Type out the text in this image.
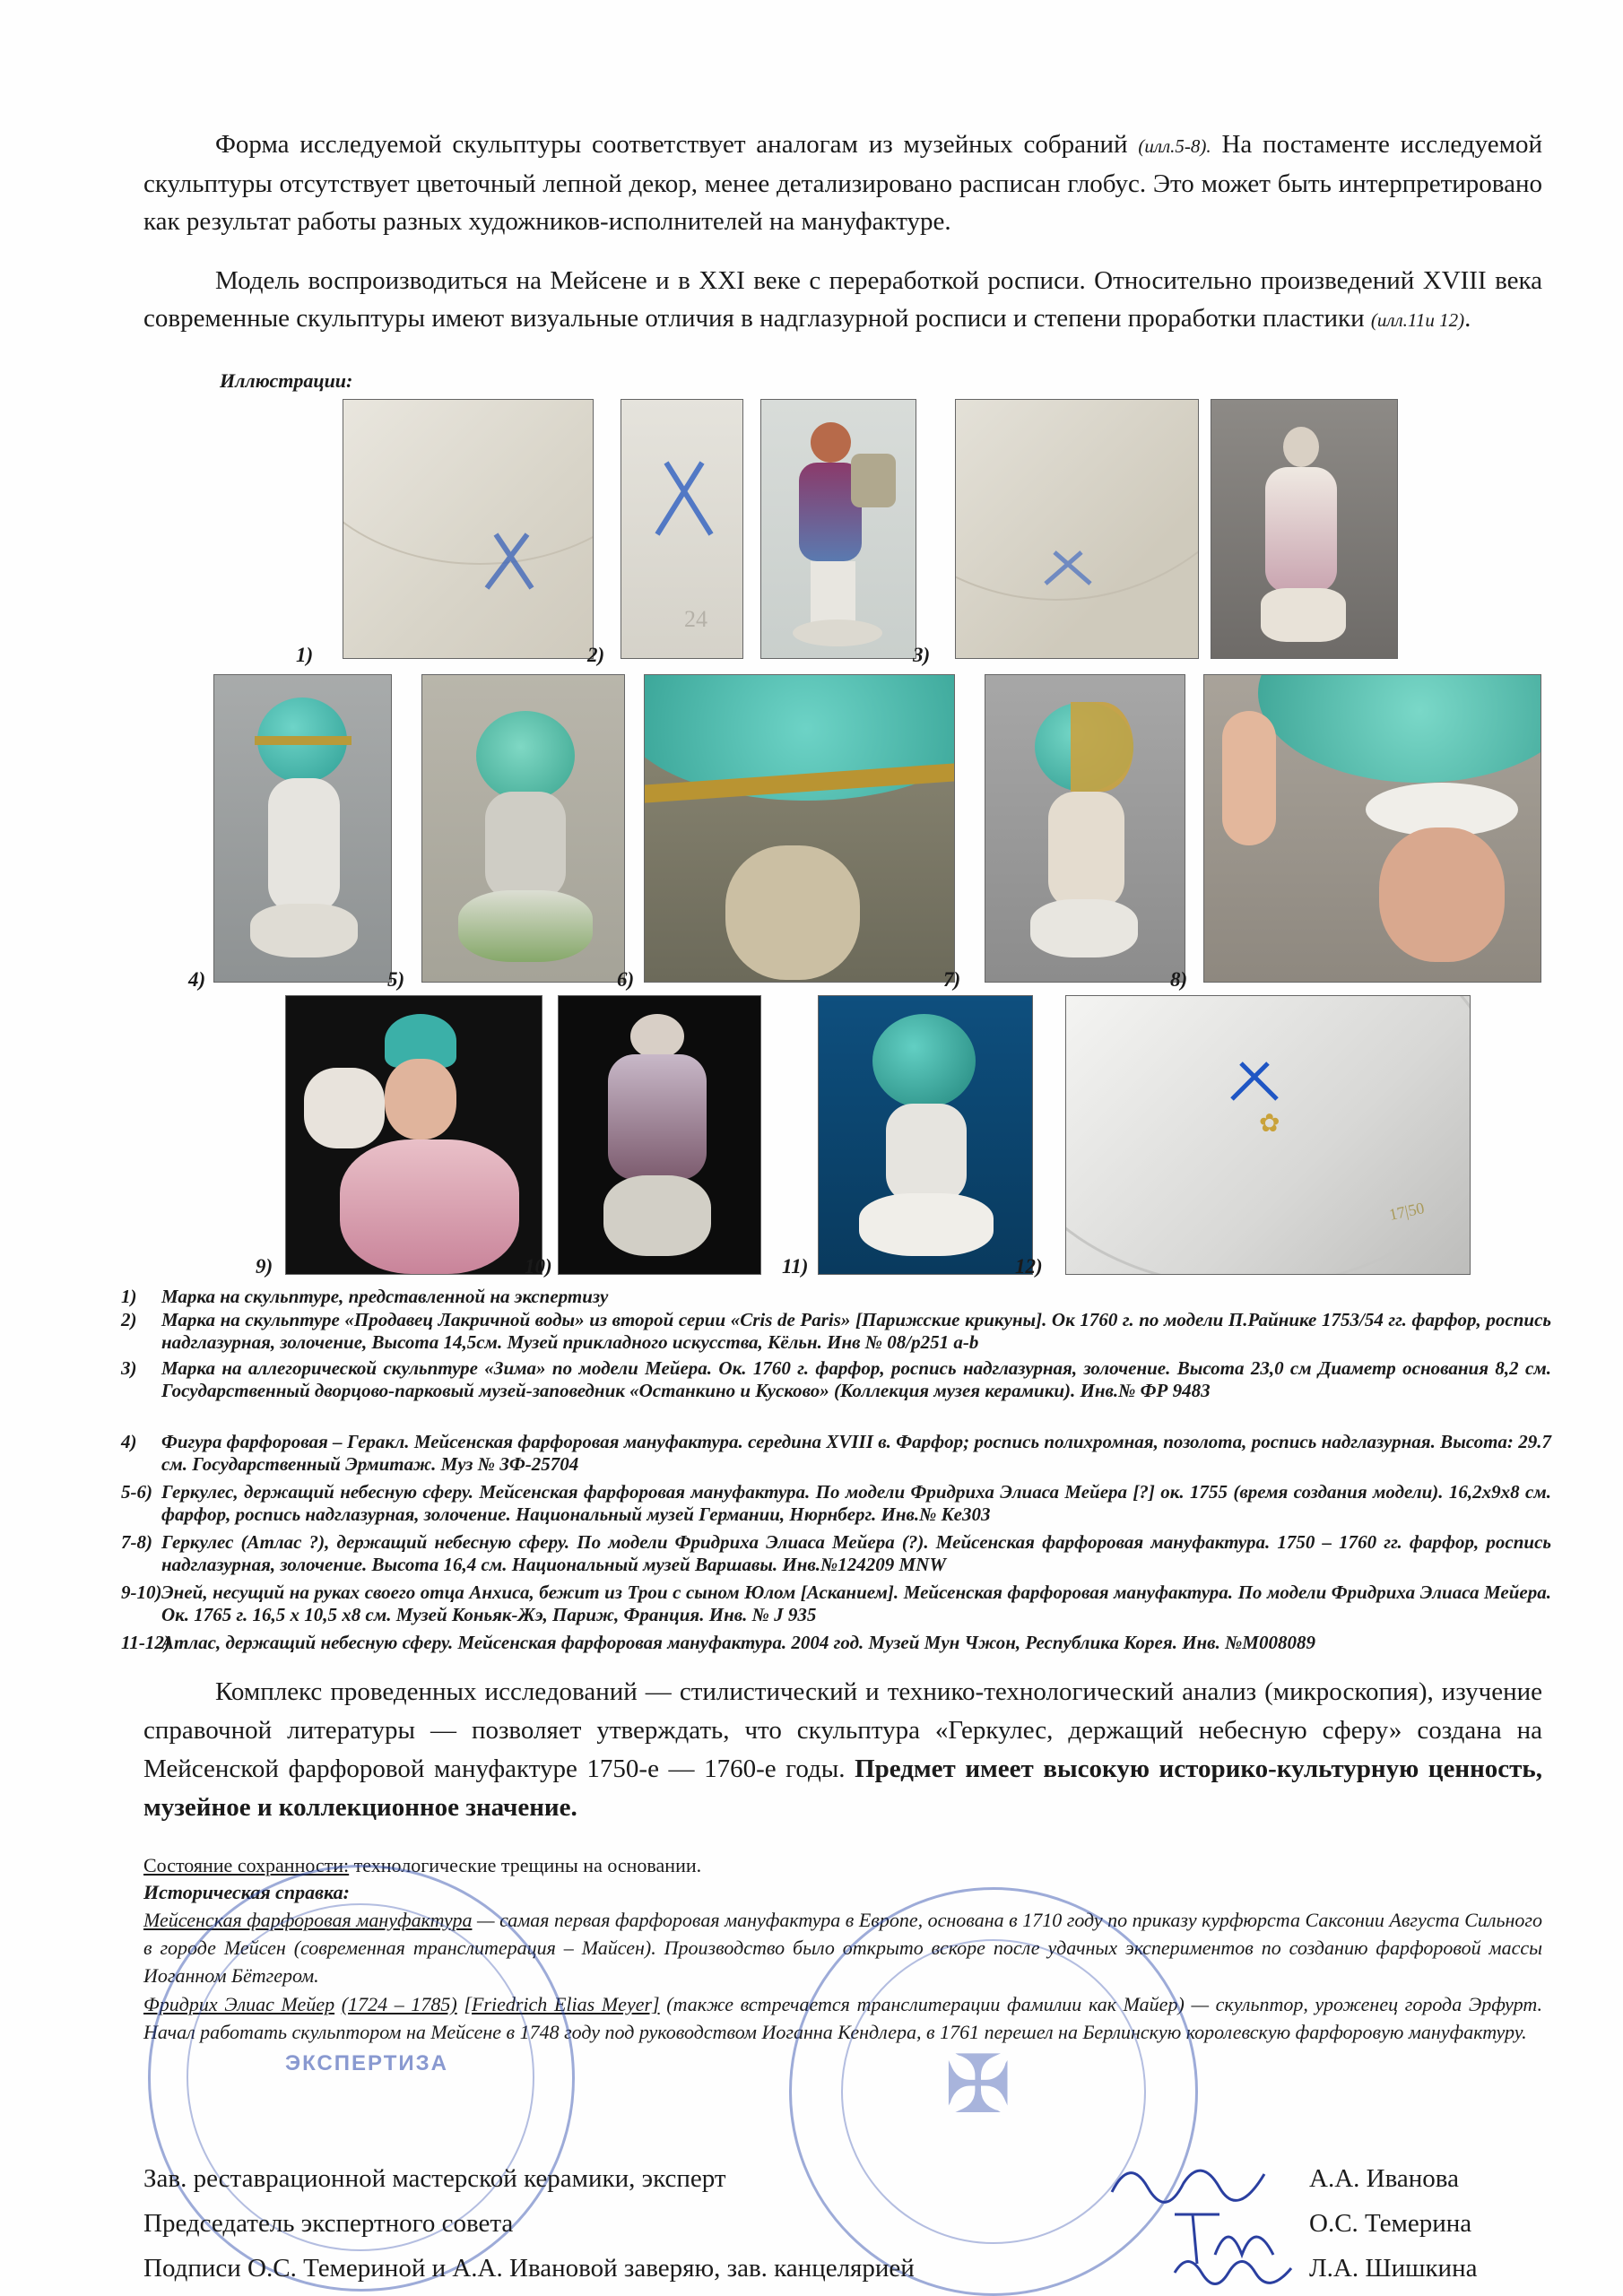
Форма исследуемой скульптуры соответствует аналогам из музейных собраний (илл.5-8). На постаменте исследуемой скульптуры отсутствует цветочный лепной декор, менее детализировано расписан глобус. Это может быть интерпретировано как результат работы разных художников-исполнителей на мануфактуре.
Модель воспроизводиться на Мейсене и в XXI веке с переработкой росписи. Относительно произведений XVIII века современные скульптуры имеют визуальные отличия в надглазурной росписи и степени проработки пластики (илл.11и 12).
Иллюстрации:
1)
24
2)	3)
4)	5)	6)	7)	8)
9)	10)	11)
✿
17|50
12)
1) Марка на скульптуре, представленной на экспертизу
2) Марка на скульптуре «Продавец Лакричной воды» из второй серии «Cris de Paris» [Парижские крикуны]. Ок 1760 г. по модели П.Райнике 1753/54 гг. фарфор, роспись надглазурная, золочение, Высота 14,5см. Музей прикладного искусства, Кёльн. Инв № 08/p251 a-b
3) Марка на аллегорической скульптуре «Зима» по модели Мейера. Ок. 1760 г. фарфор, роспись надглазурная, золочение. Высота 23,0 см Диаметр основания 8,2 см. Государственный дворцово-парковый музей-заповедник «Останкино и Кусково» (Коллекция музея керамики). Инв.№ ФР 9483
4) Фигура фарфоровая – Геракл. Мейсенская фарфоровая мануфактура. середина XVIII в. Фарфор; роспись полихромная, позолота, роспись надглазурная. Высота: 29.7 см. Государственный Эрмитаж. Муз № ЗФ-25704
5-6) Геркулес, держащий небесную сферу. Мейсенская фарфоровая мануфактура. По модели Фридриха Элиаса Мейера [?] ок. 1755 (время создания модели). 16,2х9х8 см. фарфор, роспись надглазурная, золочение. Национальный музей Германии, Нюрнберг. Инв.№ Ke303
7-8) Геркулес (Атлас ?), держащий небесную сферу. По модели Фридриха Элиаса Мейера (?). Мейсенская фарфоровая мануфактура. 1750 – 1760 гг. фарфор, роспись надглазурная, золочение. Высота 16,4 см. Национальный музей Варшавы. Инв.№124209 MNW
9-10) Эней, несущий на руках своего отца Анхиса, бежит из Трои с сыном Юлом [Асканием]. Мейсенская фарфоровая мануфактура. По модели Фридриха Элиаса Мейера. Ок. 1765 г. 16,5 х 10,5 х8 см. Музей Коньяк-Жэ, Париж, Франция. Инв. № J 935
11-12)
Атлас, держащий небесную сферу. Мейсенская фарфоровая мануфактура. 2004 год. Музей Мун Чжон, Республика Корея. Инв. №M008089
Комплекс проведенных исследований — стилистический и технико-технологический анализ (микроскопия), изучение справочной литературы — позволяет утверждать, что скульптура «Геркулес, держащий небесную сферу» создана на Мейсенской фарфоровой мануфактуре 1750-е — 1760-е годы. Предмет имеет высокую историко-культурную ценность, музейное и коллекционное значение.
Состояние сохранности: технологические трещины на основании.
Историческая справка:
Мейсенская фарфоровая мануфактура — самая первая фарфоровая мануфактура в Европе, основана в 1710 году по приказу курфюрста Саксонии Августа Сильного в городе Мейсен (современная транслитерация – Майсен). Производство было открыто вскоре после удачных экспериментов по созданию фарфоровой массы Иоганном Бётгером.
Фридрих Элиас Мейер (1724 – 1785) [Friedrich Elias Meyer] (также встречается транслитерации фамилии как Майер) — скульптор, уроженец города Эрфурт. Начал работать скульптором на Мейсене в 1748 году под руководством Иоганна Кендлера, в 1761 перешел на Берлинскую королевскую фарфоровую мануфактуру.
ЭКСПЕРТИЗА	✠
Зав. реставрационной мастерской керамики, эксперт	А.А. Иванова
Председатель экспертного совета	О.С. Темерина
Подписи О.С. Темериной и А.А. Ивановой заверяю, зав. канцелярией	Л.А. Шишкина
